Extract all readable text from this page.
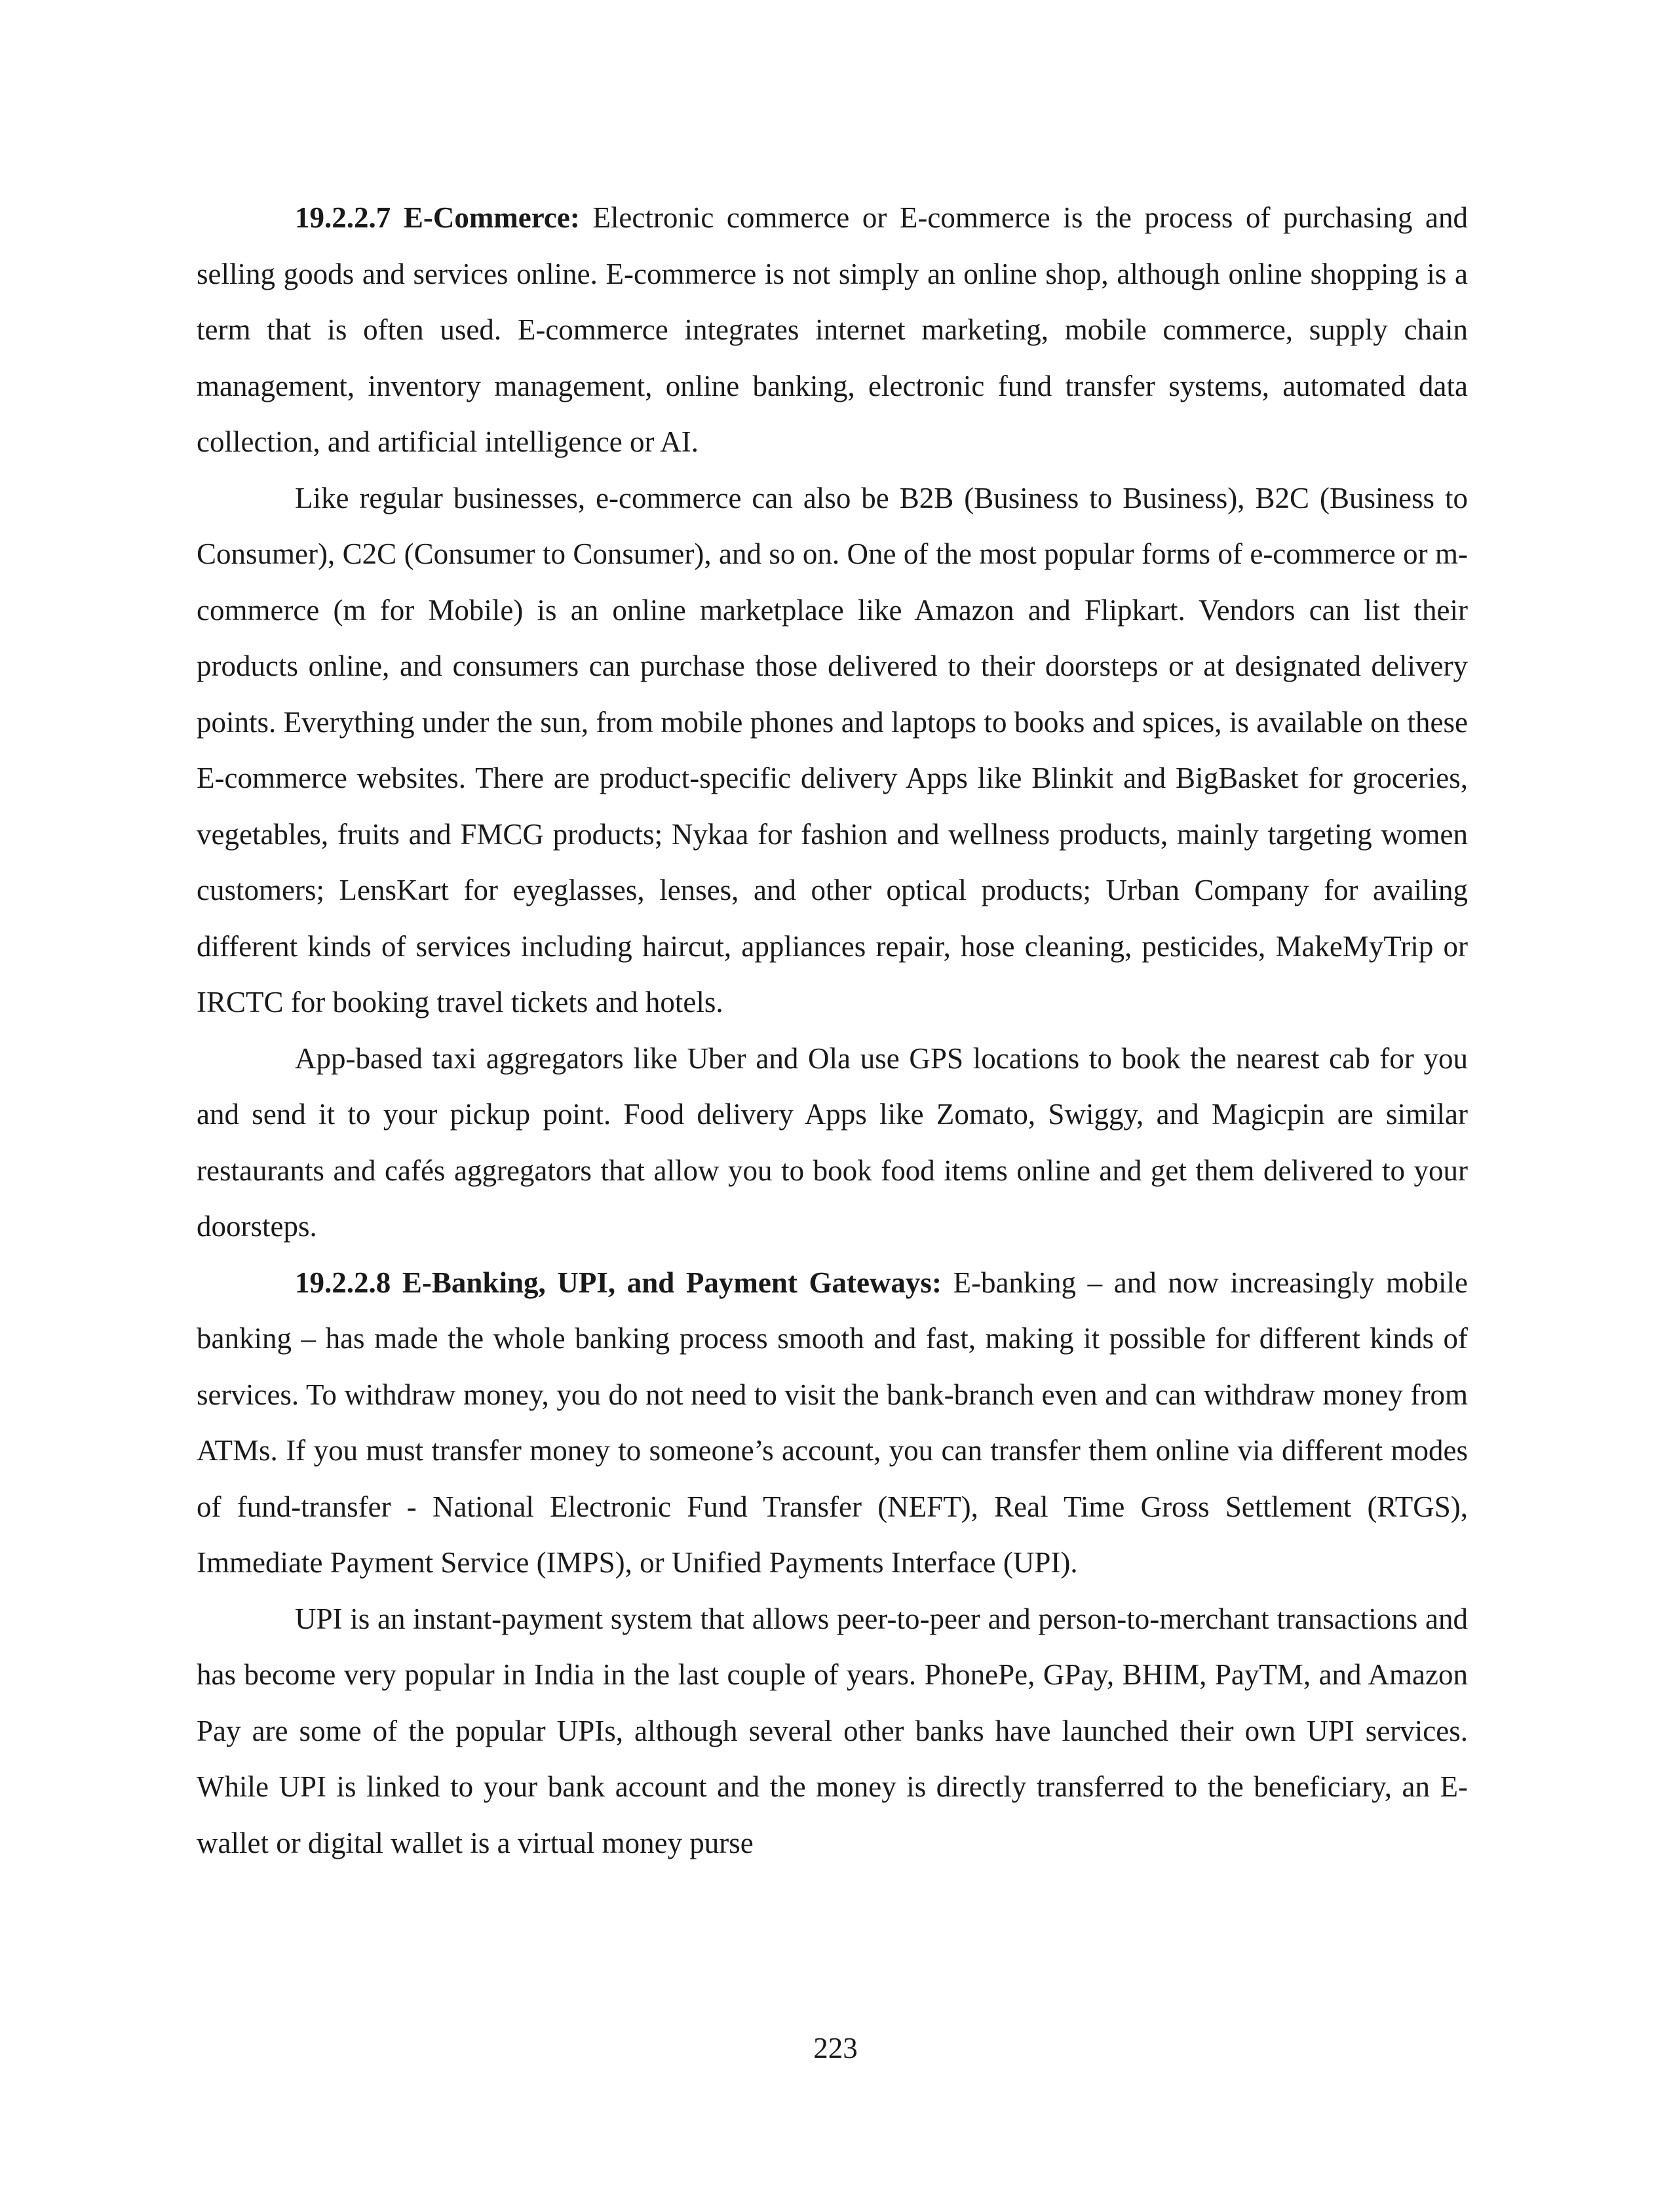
19.2.2.7 E-Commerce: Electronic commerce or E-commerce is the process of purchasing and selling goods and services online. E-commerce is not simply an online shop, although online shopping is a term that is often used. E-commerce integrates internet marketing, mobile commerce, supply chain management, inventory management, online banking, electronic fund transfer systems, automated data collection, and artificial intelligence or AI.

Like regular businesses, e-commerce can also be B2B (Business to Business), B2C (Business to Consumer), C2C (Consumer to Consumer), and so on. One of the most popular forms of e-commerce or m-commerce (m for Mobile) is an online marketplace like Amazon and Flipkart. Vendors can list their products online, and consumers can purchase those delivered to their doorsteps or at designated delivery points. Everything under the sun, from mobile phones and laptops to books and spices, is available on these E-commerce websites. There are product-specific delivery Apps like Blinkit and BigBasket for groceries, vegetables, fruits and FMCG products; Nykaa for fashion and wellness products, mainly targeting women customers; LensKart for eyeglasses, lenses, and other optical products; Urban Company for availing different kinds of services including haircut, appliances repair, hose cleaning, pesticides, MakeMyTrip or IRCTC for booking travel tickets and hotels.

App-based taxi aggregators like Uber and Ola use GPS locations to book the nearest cab for you and send it to your pickup point. Food delivery Apps like Zomato, Swiggy, and Magicpin are similar restaurants and cafés aggregators that allow you to book food items online and get them delivered to your doorsteps.

19.2.2.8 E-Banking, UPI, and Payment Gateways: E-banking – and now increasingly mobile banking – has made the whole banking process smooth and fast, making it possible for different kinds of services. To withdraw money, you do not need to visit the bank-branch even and can withdraw money from ATMs. If you must transfer money to someone’s account, you can transfer them online via different modes of fund-transfer - National Electronic Fund Transfer (NEFT), Real Time Gross Settlement (RTGS), Immediate Payment Service (IMPS), or Unified Payments Interface (UPI).

UPI is an instant-payment system that allows peer-to-peer and person-to-merchant transactions and has become very popular in India in the last couple of years. PhonePe, GPay, BHIM, PayTM, and Amazon Pay are some of the popular UPIs, although several other banks have launched their own UPI services. While UPI is linked to your bank account and the money is directly transferred to the beneficiary, an E-wallet or digital wallet is a virtual money purse

223
